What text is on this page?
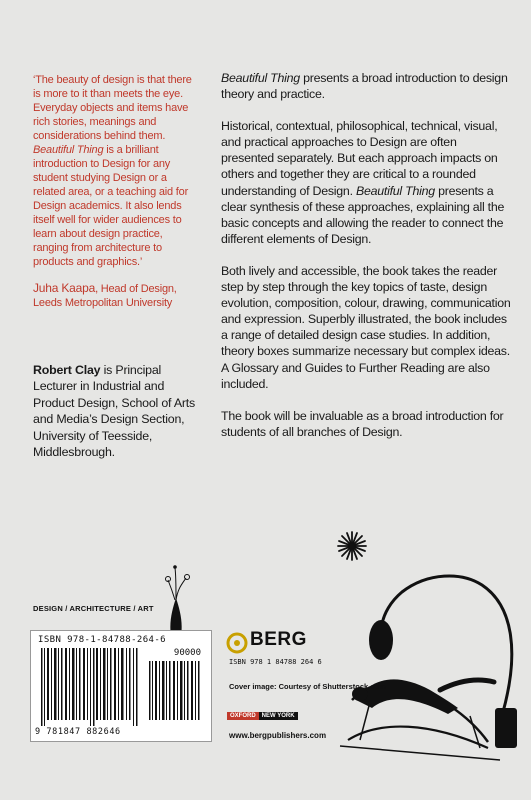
‘The beauty of design is that there is more to it than meets the eye. Everyday objects and items have rich stories, meanings and considerations behind them. Beautiful Thing is a brilliant introduction to Design for any student studying Design or a related area, or a teaching aid for Design academics. It also lends itself well for wider audiences to learn about design practice, ranging from architecture to products and graphics.’

Juha Kaapa, Head of Design, Leeds Metropolitan University

Robert Clay is Principal Lecturer in Industrial and Product Design, School of Arts and Media’s Design Section, University of Teesside, Middlesbrough.

Beautiful Thing presents a broad introduction to design theory and practice.

Historical, contextual, philosophical, technical, visual, and practical approaches to Design are often presented separately. But each approach impacts on others and together they are critical to a rounded understanding of Design. Beautiful Thing presents a clear synthesis of these approaches, explaining all the basic concepts and allowing the reader to connect the different elements of Design.

Both lively and accessible, the book takes the reader step by step through the key topics of taste, design evolution, composition, colour, drawing, communication and expression. Superbly illustrated, the book includes a range of detailed design case studies. In addition, theory boxes summarize necessary but complex ideas. A Glossary and Guides to Further Reading are also included.

The book will be invaluable as a broad introduction for students of all branches of Design.

DESIGN / ARCHITECTURE / ART
ISBN 978-1-84788-264-6
90000
9 781847 882646
BERG
ISBN 978 1 84788 264 6
Cover image: Courtesy of Shutterstock.com
OXFORD	NEW YORK
www.bergpublishers.com
